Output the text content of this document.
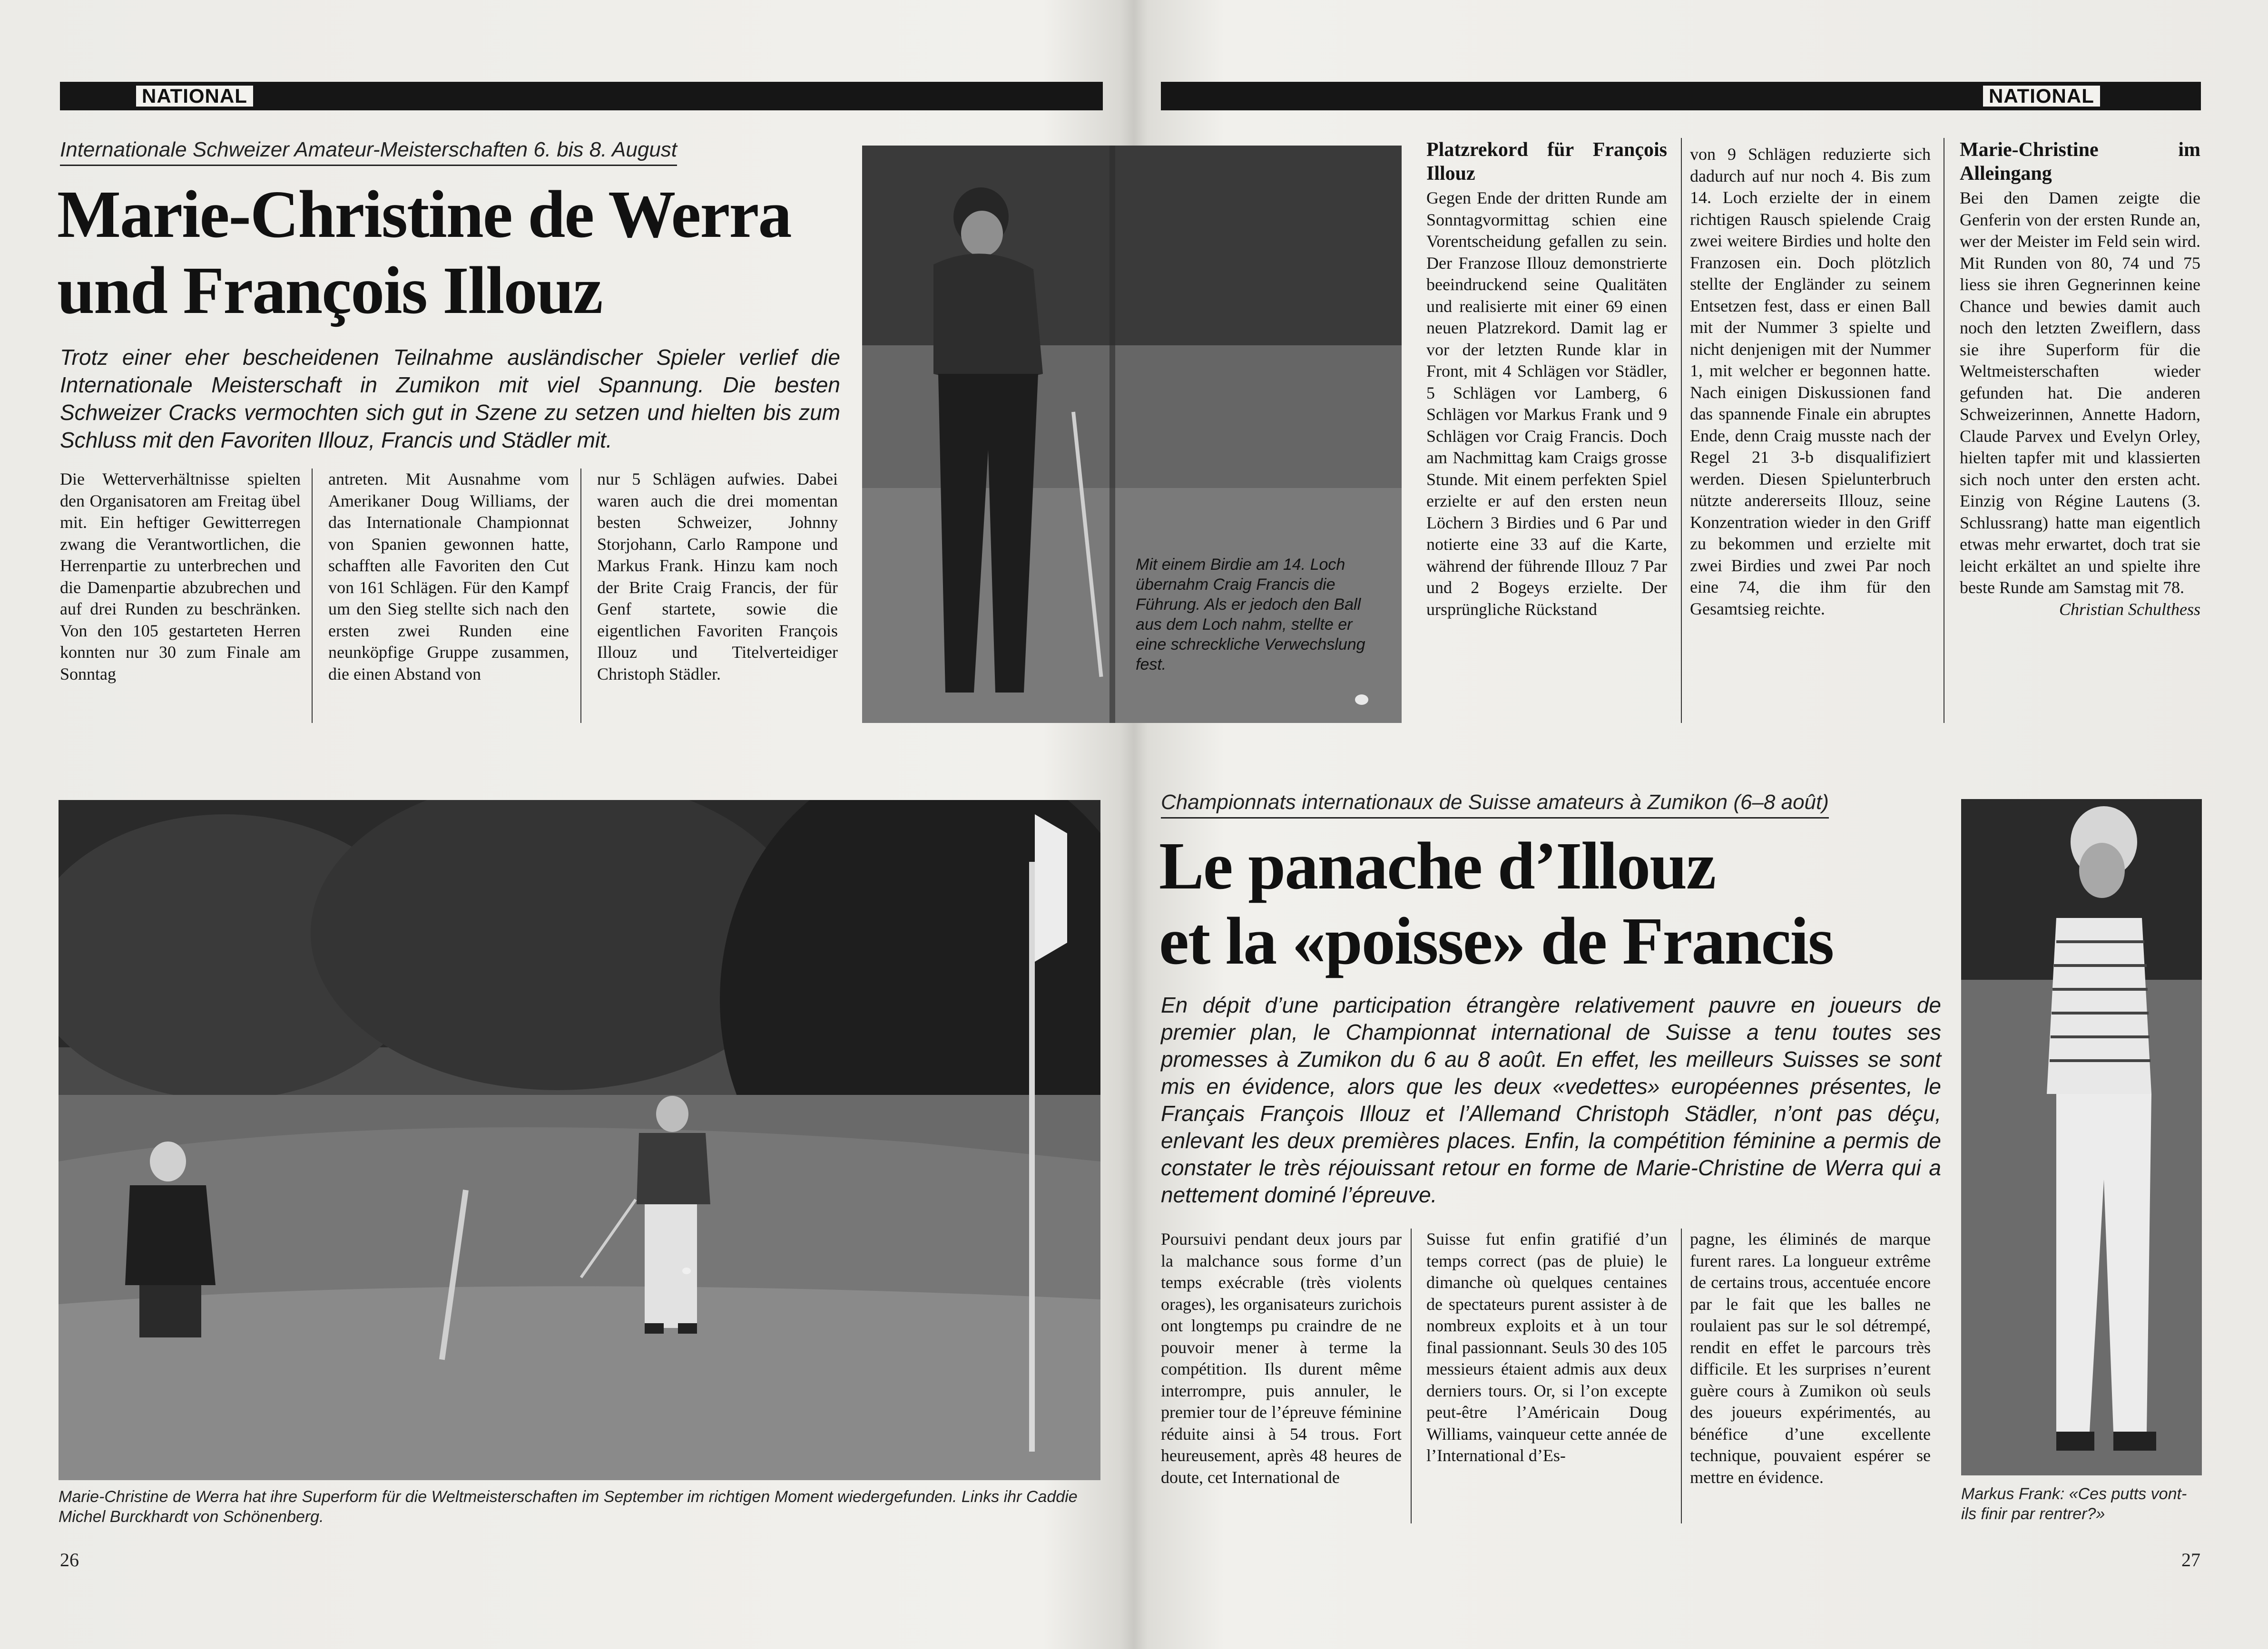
NATIONAL
Internationale Schweizer Amateur-Meisterschaften 6. bis 8. August
Marie-Christine de Werra
und François Illouz
Trotz einer eher bescheidenen Teilnahme ausländischer Spieler verlief die Internationale Meisterschaft in Zumikon mit viel Spannung. Die besten Schweizer Cracks vermochten sich gut in Szene zu setzen und hielten bis zum Schluss mit den Favoriten Illouz, Francis und Städler mit.
Die Wetterverhältnisse spielten den Organisatoren am Freitag übel mit. Ein heftiger Gewitterregen zwang die Verantwortlichen, die Herrenpartie zu unterbrechen und die Damenpartie abzubrechen und auf drei Runden zu beschränken. Von den 105 gestarteten Herren konnten nur 30 zum Finale am Sonntag
antreten. Mit Ausnahme vom Amerikaner Doug Williams, der das Internationale Championnat von Spanien gewonnen hatte, schafften alle Favoriten den Cut von 161 Schlägen. Für den Kampf um den Sieg stellte sich nach den ersten zwei Runden eine neunköpfige Gruppe zusammen, die einen Abstand von
nur 5 Schlägen aufwies. Dabei waren auch die drei momentan besten Schweizer, Johnny Storjohann, Carlo Rampone und Markus Frank. Hinzu kam noch der Brite Craig Francis, der für Genf startete, sowie die eigentlichen Favoriten François Illouz und Titelverteidiger Christoph Städler.
Mit einem Birdie am 14. Loch übernahm Craig Francis die Führung. Als er jedoch den Ball aus dem Loch nahm, stellte er eine schreckliche Verwechslung fest.
Marie-Christine de Werra hat ihre Superform für die Weltmeisterschaften im September im richtigen Moment wiedergefunden. Links ihr Caddie Michel Burckhardt von Schönenberg.
26
NATIONAL
Platzrekord für François Illouz
Gegen Ende der dritten Runde am Sonntagvormittag schien eine Vorentscheidung gefallen zu sein. Der Franzose Illouz demonstrierte beeindruckend seine Qualitäten und realisierte mit einer 69 einen neuen Platzrekord. Damit lag er vor der letzten Runde klar in Front, mit 4 Schlägen vor Städler, 5 Schlägen vor Lamberg, 6 Schlägen vor Markus Frank und 9 Schlägen vor Craig Francis. Doch am Nachmittag kam Craigs grosse Stunde. Mit einem perfekten Spiel erzielte er auf den ersten neun Löchern 3 Birdies und 6 Par und notierte eine 33 auf die Karte, während der führende Illouz 7 Par und 2 Bogeys erzielte. Der ursprüngliche Rückstand
von 9 Schlägen reduzierte sich dadurch auf nur noch 4. Bis zum 14. Loch erzielte der in einem richtigen Rausch spielende Craig zwei weitere Birdies und holte den Franzosen ein. Doch plötzlich stellte der Engländer zu seinem Entsetzen fest, dass er einen Ball mit der Nummer 3 spielte und nicht denjenigen mit der Nummer 1, mit welcher er begonnen hatte. Nach einigen Diskussionen fand das spannende Finale ein abruptes Ende, denn Craig musste nach der Regel 21 3-b disqualifiziert werden. Diesen Spielunterbruch nützte andererseits Illouz, seine Konzentration wieder in den Griff zu bekommen und erzielte mit zwei Birdies und zwei Par noch eine 74, die ihm für den Gesamtsieg reichte.
Marie-Christine im Alleingang
Bei den Damen zeigte die Genferin von der ersten Runde an, wer der Meister im Feld sein wird. Mit Runden von 80, 74 und 75 liess sie ihren Gegnerinnen keine Chance und bewies damit auch noch den letzten Zweiflern, dass sie ihre Superform für die Weltmeisterschaften wieder gefunden hat. Die anderen Schweizerinnen, Annette Hadorn, Claude Parvex und Evelyn Orley, hielten tapfer mit und klassierten sich noch unter den ersten acht. Einzig von Régine Lautens (3. Schlussrang) hatte man eigentlich etwas mehr erwartet, doch trat sie leicht erkältet an und spielte ihre beste Runde am Samstag mit 78.
Christian Schulthess
Championnats internationaux de Suisse amateurs à Zumikon (6–8 août)
Le panache d’Illouz
et la «poisse» de Francis
En dépit d’une participation étrangère relativement pauvre en joueurs de premier plan, le Championnat international de Suisse a tenu toutes ses promesses à Zumikon du 6 au 8 août. En effet, les meilleurs Suisses se sont mis en évidence, alors que les deux «vedettes» européennes présentes, le Français François Illouz et l’Allemand Christoph Städler, n’ont pas déçu, enlevant les deux premières places. Enfin, la compétition féminine a permis de constater le très réjouissant retour en forme de Marie-Christine de Werra qui a nettement dominé l’épreuve.
Poursuivi pendant deux jours par la malchance sous forme d’un temps exécrable (très violents orages), les organisateurs zurichois ont longtemps pu craindre de ne pouvoir mener à terme la compétition. Ils durent même interrompre, puis annuler, le premier tour de l’épreuve féminine réduite ainsi à 54 trous. Fort heureusement, après 48 heures de doute, cet International de
Suisse fut enfin gratifié d’un temps correct (pas de pluie) le dimanche où quelques centaines de spectateurs purent assister à de nombreux exploits et à un tour final passionnant. Seuls 30 des 105 messieurs étaient admis aux deux derniers tours. Or, si l’on excepte peut-être l’Américain Doug Williams, vainqueur cette année de l’International d’Es-
pagne, les éliminés de marque furent rares. La longueur extrême de certains trous, accentuée encore par le fait que les balles ne roulaient pas sur le sol détrempé, rendit en effet le parcours très difficile. Et les surprises n’eurent guère cours à Zumikon où seuls des joueurs expérimentés, au bénéfice d’une excellente technique, pouvaient espérer se mettre en évidence.
Markus Frank: «Ces putts vont-ils finir par rentrer?»
27
